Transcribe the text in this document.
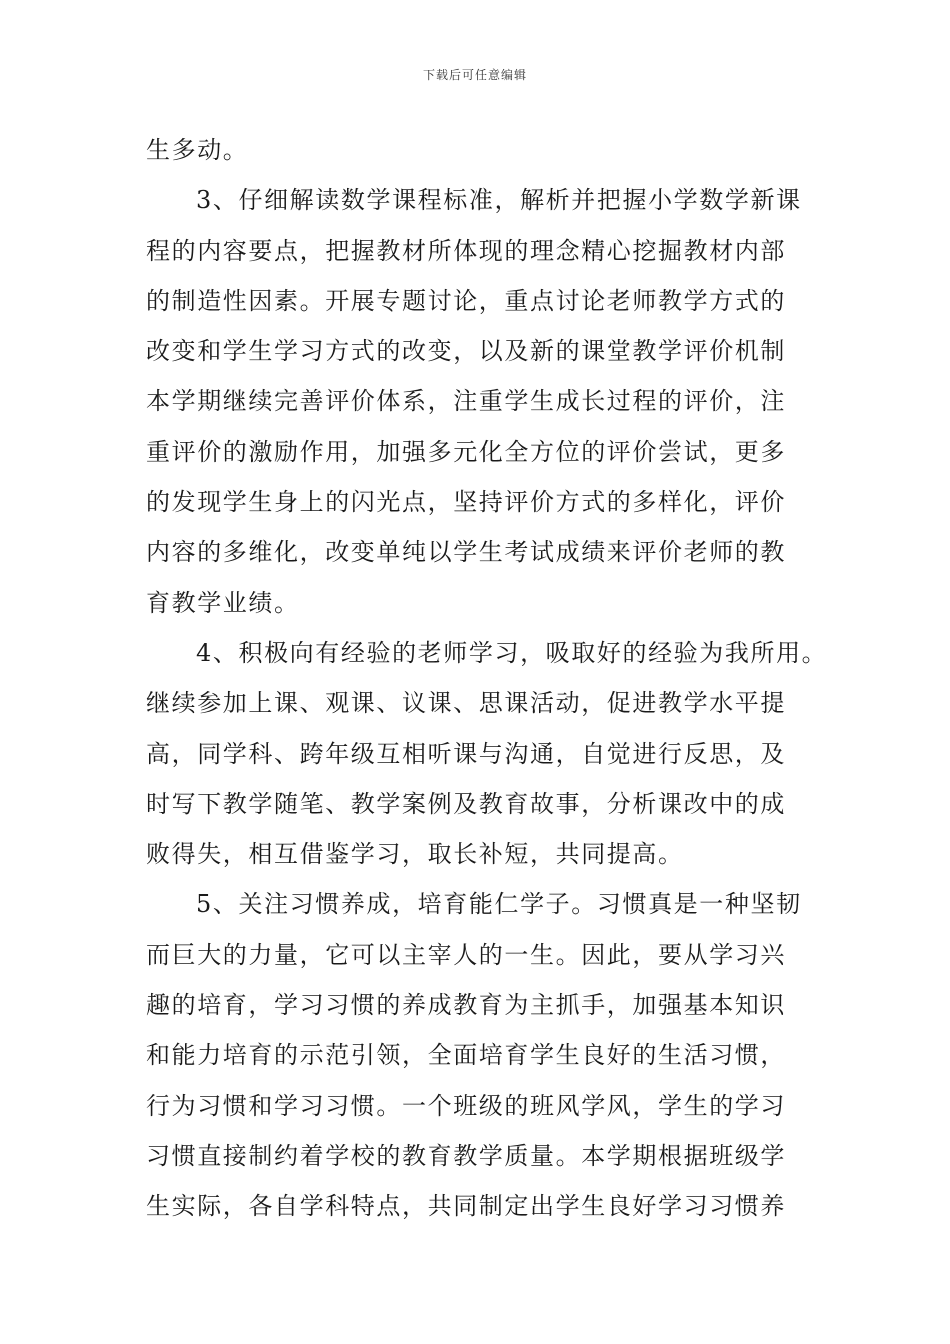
下载后可任意编辑
生多动。
3、仔细解读数学课程标准，解析并把握小学数学新课
程的内容要点，把握教材所体现的理念精心挖掘教材内部
的制造性因素。开展专题讨论，重点讨论老师教学方式的
改变和学生学习方式的改变，以及新的课堂教学评价机制
本学期继续完善评价体系，注重学生成长过程的评价，注
重评价的激励作用，加强多元化全方位的评价尝试，更多
的发现学生身上的闪光点，坚持评价方式的多样化，评价
内容的多维化，改变单纯以学生考试成绩来评价老师的教
育教学业绩。
4、积极向有经验的老师学习，吸取好的经验为我所用。
继续参加上课、观课、议课、思课活动，促进教学水平提
高，同学科、跨年级互相听课与沟通，自觉进行反思，及
时写下教学随笔、教学案例及教育故事，分析课改中的成
败得失，相互借鉴学习，取长补短，共同提高。
5、关注习惯养成，培育能仁学子。习惯真是一种坚韧
而巨大的力量，它可以主宰人的一生。因此，要从学习兴
趣的培育，学习习惯的养成教育为主抓手，加强基本知识
和能力培育的示范引领，全面培育学生良好的生活习惯，
行为习惯和学习习惯。一个班级的班风学风，学生的学习
习惯直接制约着学校的教育教学质量。本学期根据班级学
生实际，各自学科特点，共同制定出学生良好学习习惯养
